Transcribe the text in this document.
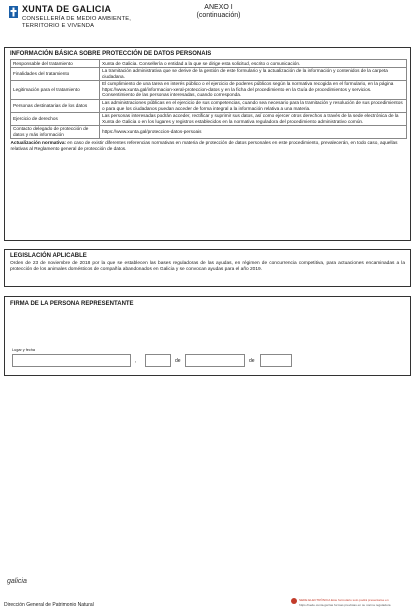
XUNTA DE GALICIA
CONSELLERÍA DE MEDIO AMBIENTE,
TERRITORIO E VIVENDA
ANEXO I
(continuación)
INFORMACIÓN BÁSICA SOBRE PROTECCIÓN DE DATOS PERSONAIS
Responsable del tratamiento	Xunta de Galicia. Consellería o entidad a la que se dirige esta solicitud, escrito o comunicación.
Finalidades del tratamiento	La tramitación administrativa que se derive de la gestión de este formulario y la actualización de la información y contenidos de la carpeta ciudadana.
Legitimación para el tratamiento	El cumplimiento de una tarea en interés público o el ejercicio de poderes públicos según la normativa recogida en el formulario, en la página https://www.xunta.gal/informacion-xeral-proteccion-datos y en la ficha del procedimiento en la Guía de procedimientos y servicios. Consentimiento de las personas interesadas, cuando corresponda.
Personas destinatarias de los datos	Las administraciones públicas en el ejercicio de sus competencias, cuando sea necesario para la tramitación y resolución de sus procedimientos o para que los ciudadanos puedan acceder de forma integral a la información relativa a una materia.
Ejercicio de derechos	Las personas interesadas podrán acceder, rectificar y suprimir sus datos, así como ejercer otros derechos a través de la sede electrónica de la Xunta de Galicia o en los lugares y registros establecidos en la normativa reguladora del procedimiento administrativo común.
Contacto delegado de protección de datos y más información	https://www.xunta.gal/proteccion-datos-persoais
Actualización normativa: en caso de existir diferentes referencias normativas en materia de protección de datos personales en este procedimiento, prevalecerán, en todo caso, aquellas relativas al Reglamento general de protección de datos.	
LEGISLACIÓN APLICABLE
Orden de 23 de noviembre de 2018 por la que se establecen las bases reguladoras de las ayudas, en régimen de concurrencia competitiva, para actuaciones encaminadas a la protección de los animales domésticos de compañía abandonados en Galicia y se convocan ayudas para el año 2019.
FIRMA DE LA PERSONA REPRESENTANTE
Lugar y fecha
,	de	de
galicia
Dirección General de Patrimonio Natural
SEDE ELECTRÓNICA Este formulario solo podrá presentarse en
https://sede.xunta.gal las formas previstas en su norma reguladora
